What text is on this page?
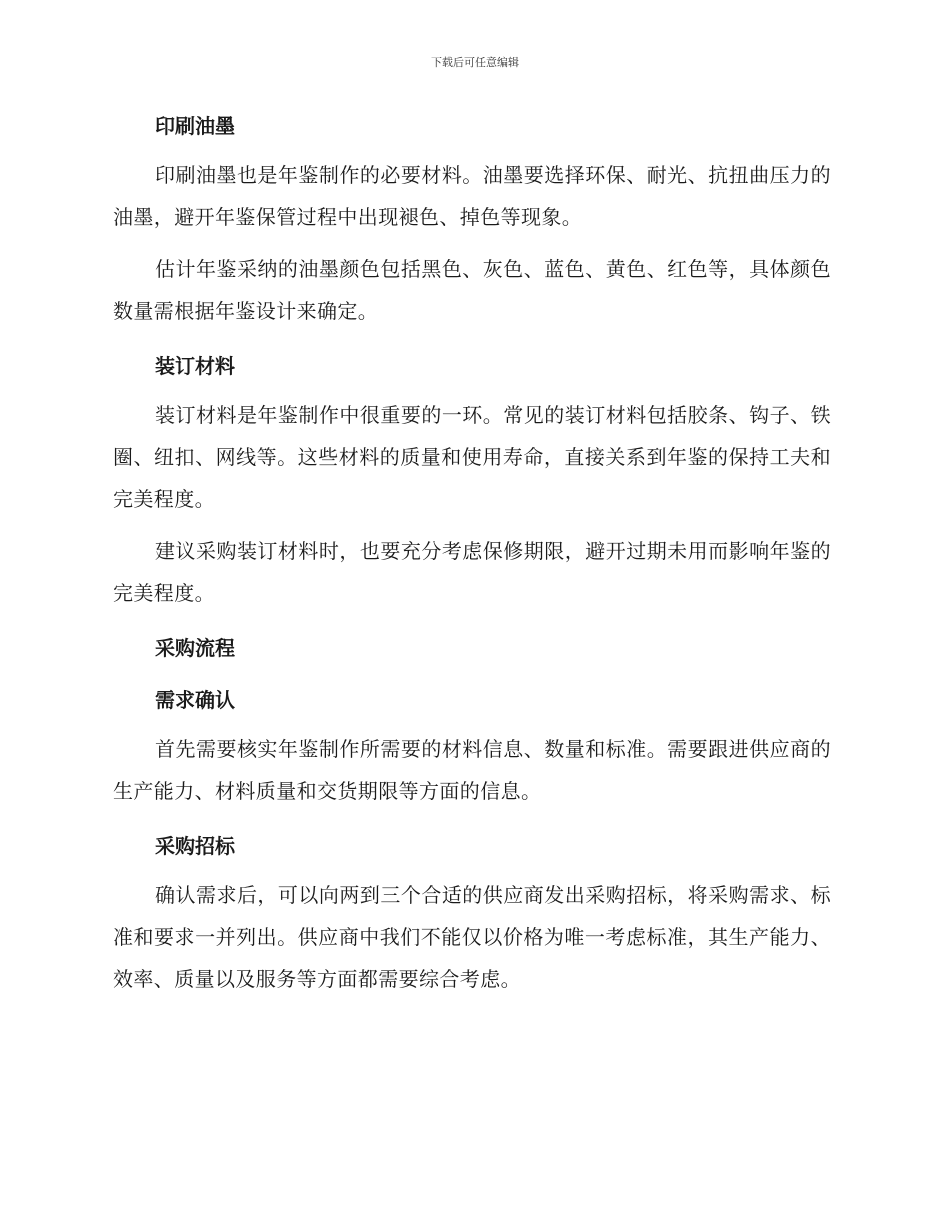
下载后可任意编辑
印刷油墨

印刷油墨也是年鉴制作的必要材料。油墨要选择环保、耐光、抗扭曲压力的油墨，避开年鉴保管过程中出现褪色、掉色等现象。

估计年鉴采纳的油墨颜色包括黑色、灰色、蓝色、黄色、红色等，具体颜色数量需根据年鉴设计来确定。

装订材料

装订材料是年鉴制作中很重要的一环。常见的装订材料包括胶条、钩子、铁圈、纽扣、网线等。这些材料的质量和使用寿命，直接关系到年鉴的保持工夫和完美程度。

建议采购装订材料时，也要充分考虑保修期限，避开过期未用而影响年鉴的完美程度。

采购流程
需求确认

首先需要核实年鉴制作所需要的材料信息、数量和标准。需要跟进供应商的生产能力、材料质量和交货期限等方面的信息。

采购招标

确认需求后，可以向两到三个合适的供应商发出采购招标，将采购需求、标准和要求一并列出。供应商中我们不能仅以价格为唯一考虑标准，其生产能力、效率、质量以及服务等方面都需要综合考虑。
